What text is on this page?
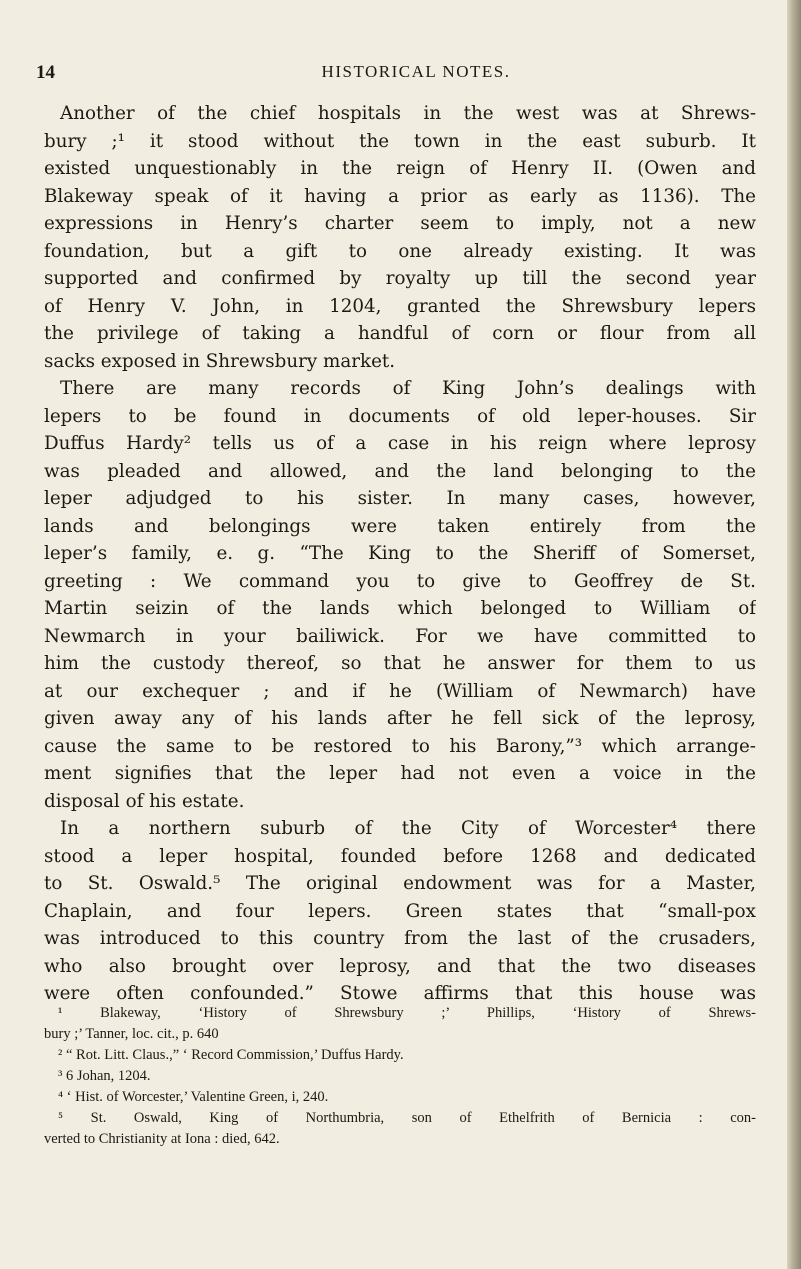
14	HISTORICAL NOTES.
Another of the chief hospitals in the west was at Shrews-
bury ;¹ it stood without the town in the east suburb. It
existed unquestionably in the reign of Henry II. (Owen and
Blakeway speak of it having a prior as early as 1136). The
expressions in Henry’s charter seem to imply, not a new
foundation, but a gift to one already existing. It was
supported and confirmed by royalty up till the second year
of Henry V. John, in 1204, granted the Shrewsbury lepers
the privilege of taking a handful of corn or flour from all
sacks exposed in Shrewsbury market.
There are many records of King John’s dealings with
lepers to be found in documents of old leper-houses. Sir
Duffus Hardy² tells us of a case in his reign where leprosy
was pleaded and allowed, and the land belonging to the
leper adjudged to his sister. In many cases, however,
lands and belongings were taken entirely from the
leper’s family, e. g. “The King to the Sheriff of Somerset,
greeting : We command you to give to Geoffrey de St.
Martin seizin of the lands which belonged to William of
Newmarch in your bailiwick. For we have committed to
him the custody thereof, so that he answer for them to us
at our exchequer ; and if he (William of Newmarch) have
given away any of his lands after he fell sick of the leprosy,
cause the same to be restored to his Barony,”³ which arrange-
ment signifies that the leper had not even a voice in the
disposal of his estate.
In a northern suburb of the City of Worcester⁴ there
stood a leper hospital, founded before 1268 and dedicated
to St. Oswald.⁵ The original endowment was for a Master,
Chaplain, and four lepers. Green states that “small-pox
was introduced to this country from the last of the crusaders,
who also brought over leprosy, and that the two diseases
were often confounded.” Stowe affirms that this house was
¹ Blakeway, ‘History of Shrewsbury ;’ Phillips, ‘History of Shrews-
bury ;’ Tanner, loc. cit., p. 640
² “ Rot. Litt. Claus.,” ‘ Record Commission,’ Duffus Hardy.
³ 6 Johan, 1204.
⁴ ‘ Hist. of Worcester,’ Valentine Green, i, 240.
⁵ St. Oswald, King of Northumbria, son of Ethelfrith of Bernicia : con-
verted to Christianity at Iona : died, 642.
